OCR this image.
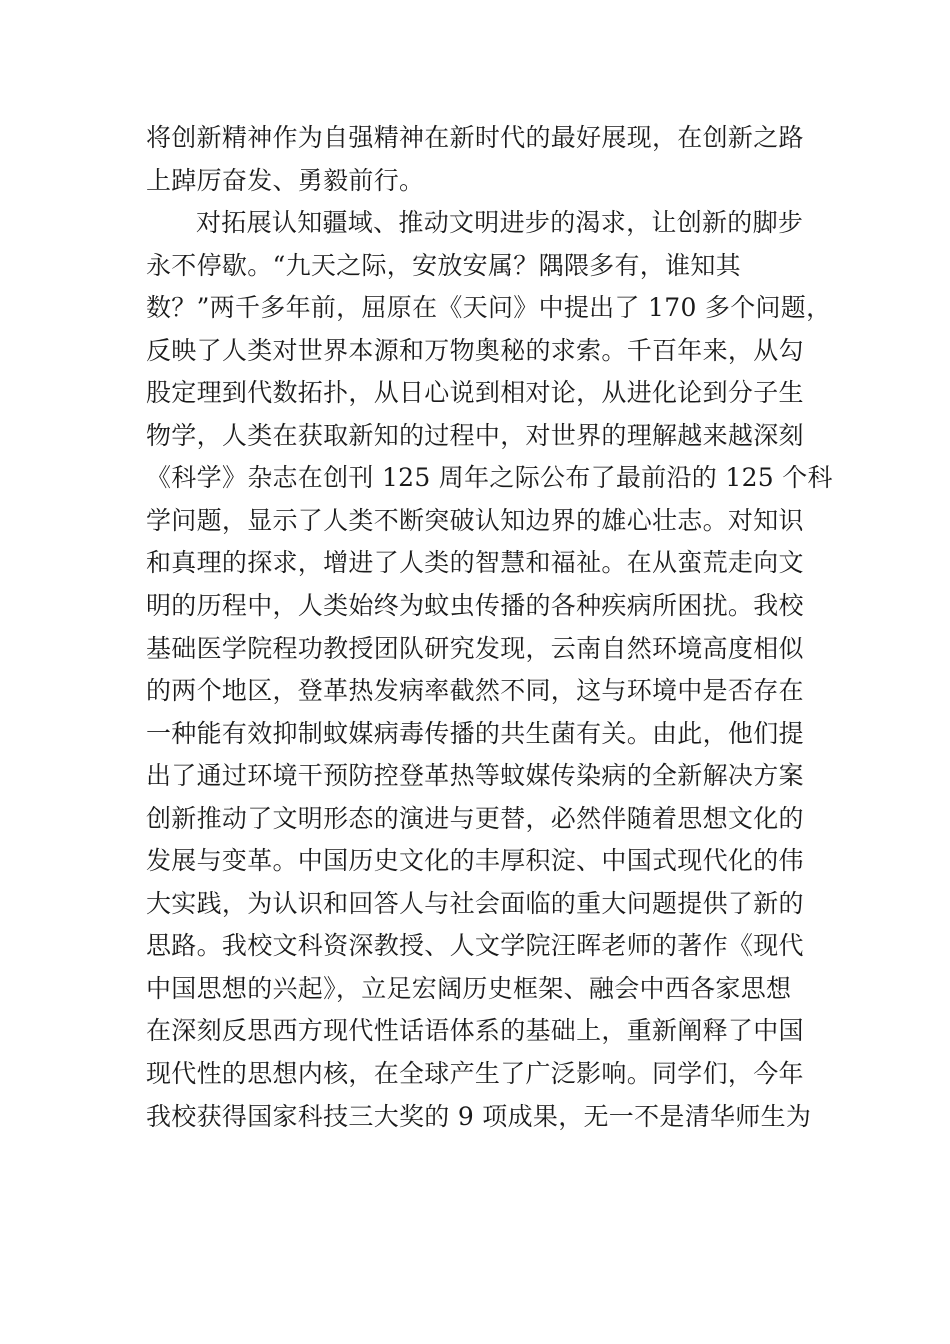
将创新精神作为自强精神在新时代的最好展现，在创新之路
上踔厉奋发、勇毅前行。
对拓展认知疆域、推动文明进步的渴求，让创新的脚步
永不停歇。“九天之际，安放安属？隅隈多有，谁知其
数？”两千多年前，屈原在《天问》中提出了 170 多个问题，
反映了人类对世界本源和万物奥秘的求索。千百年来，从勾
股定理到代数拓扑，从日心说到相对论，从进化论到分子生
物学，人类在获取新知的过程中，对世界的理解越来越深刻
《科学》杂志在创刊 125 周年之际公布了最前沿的 125 个科
学问题，显示了人类不断突破认知边界的雄心壮志。对知识
和真理的探求，增进了人类的智慧和福祉。在从蛮荒走向文
明的历程中，人类始终为蚊虫传播的各种疾病所困扰。我校
基础医学院程功教授团队研究发现，云南自然环境高度相似
的两个地区，登革热发病率截然不同，这与环境中是否存在
一种能有效抑制蚊媒病毒传播的共生菌有关。由此，他们提
出了通过环境干预防控登革热等蚊媒传染病的全新解决方案
创新推动了文明形态的演进与更替，必然伴随着思想文化的
发展与变革。中国历史文化的丰厚积淀、中国式现代化的伟
大实践，为认识和回答人与社会面临的重大问题提供了新的
思路。我校文科资深教授、人文学院汪晖老师的著作《现代
中国思想的兴起》，立足宏阔历史框架、融会中西各家思想
在深刻反思西方现代性话语体系的基础上，重新阐释了中国
现代性的思想内核，在全球产生了广泛影响。同学们，今年
我校获得国家科技三大奖的 9 项成果，无一不是清华师生为
